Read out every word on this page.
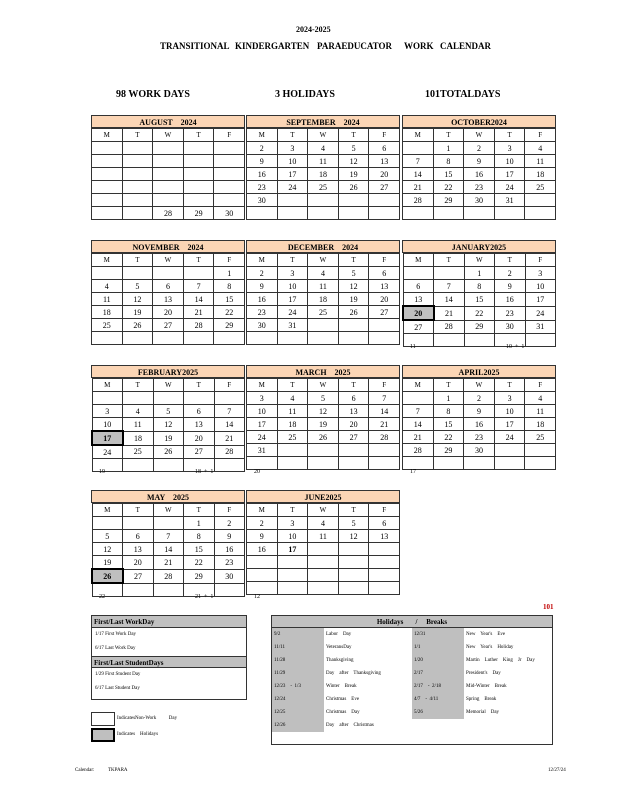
2024-2025
TRANSITIONAL KINDERGARTEN PARAEDUCATOR WORK CALENDAR
98 WORK DAYS	3 HOLIDAYS	101TOTALDAYS
AUGUST    2024
M	T	W	T	F

		28	29	30
SEPTEMBER    2024
M	T	W	T	F
2	3	4	5	6
9	10	11	12	13
16	17	18	19	20
23	24	25	26	27
30				

OCTOBER2024
M	T	W	T	F
	1	2	3	4
7	8	9	10	11
14	15	16	17	18
21	22	23	24	25
28	29	30	31	

NOVEMBER    2024
M	T	W	T	F
				1
4	5	6	7	8
11	12	13	14	15
18	19	20	21	22
25	26	27	28	29

DECEMBER    2024
M	T	W	T	F
2	3	4	5	6
9	10	11	12	13
16	17	18	19	20
23	24	25	26	27
30	31			

JANUARY2025
M	T	W	T	F
		1	2	3
6	7	8	9	10
13	14	15	16	17
20	21	22	23	24
27	28	29	30	31

11	10  +  1
FEBRUARY2025
M	T	W	T	F

3	4	5	6	7
10	11	12	13	14
17	18	19	20	21
24	25	26	27	28

19	18  +  1
MARCH    2025
M	T	W	T	F
3	4	5	6	7
10	11	12	13	14
17	18	19	20	21
24	25	26	27	28
31				

20
APRIL2025
M	T	W	T	F
	1	2	3	4
7	8	9	10	11
14	15	16	17	18
21	22	23	24	25
28	29	30		

17
MAY    2025
M	T	W	T	F
			1	2
5	6	7	8	9
12	13	14	15	16
19	20	21	22	23
26	27	28	29	30

22	21  +  1
JUNE2025
M	T	W	T	F
2	3	4	5	6
9	10	11	12	13
16	17			

12
101
First/Last WorkDay
1/17 First Work Day
6/17 Last Work Day
First/Last StudentDays
1/29 First Student Day
6/17 Last Student Day
IndicatesNon-Work          Day
Indicates    Holidays
Holidays       /     Breaks
9/2	Labor    Day	12/31	New    Year's    Eve
11/11	VeteransDay	1/1	New    Year's    Holiday
11/28	Thanksgiving	1/20	Martin    Luther    King    Jr    Day
11/29	Day    after    Thanksgiving	2/17	President's    Day
12/23    -  1/3	Winter    Break	2/17    -  2/18	Mid-Winter    Break
12/24	Christmas    Eve	4/7    -  4/11	Spring    Break
12/25	Christmas    Day	5/26	Memorial    Day
12/26	Day    after    Christmas		
Calendar:	TKPARA	12/27/24
